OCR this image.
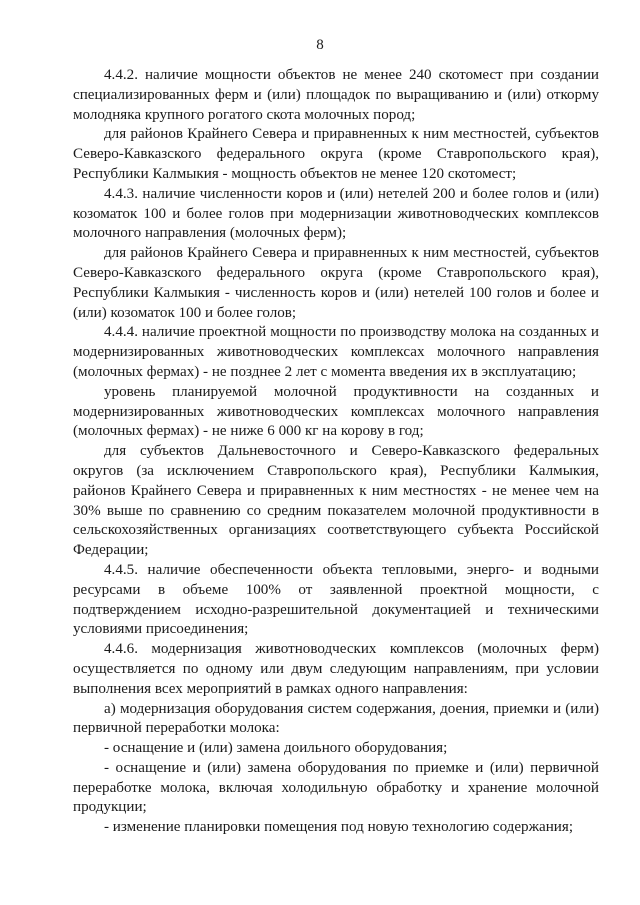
8

4.4.2. наличие мощности объектов не менее 240 скотомест при создании специализированных ферм и (или) площадок по выращиванию и (или) откорму молодняка крупного рогатого скота молочных пород;

для районов Крайнего Севера и приравненных к ним местностей, субъектов Северо-Кавказского федерального округа (кроме Ставропольского края), Республики Калмыкия - мощность объектов не менее 120 скотомест;

4.4.3. наличие численности коров и (или) нетелей 200 и более голов и (или) козоматок 100 и более голов при модернизации животноводческих комплексов молочного направления (молочных ферм);

для районов Крайнего Севера и приравненных к ним местностей, субъектов Северо-Кавказского федерального округа (кроме Ставропольского края), Республики Калмыкия - численность коров и (или) нетелей 100 голов и более и (или) козоматок 100 и более голов;

4.4.4. наличие проектной мощности по производству молока на созданных и модернизированных животноводческих комплексах молочного направления (молочных фермах) - не позднее 2 лет с момента введения их в эксплуатацию;

уровень планируемой молочной продуктивности на созданных и модернизированных животноводческих комплексах молочного направления (молочных фермах) - не ниже 6 000 кг на корову в год;

для субъектов Дальневосточного и Северо-Кавказского федеральных округов (за исключением Ставропольского края), Республики Калмыкия, районов Крайнего Севера и приравненных к ним местностях - не менее чем на 30% выше по сравнению со средним показателем молочной продуктивности в сельскохозяйственных организациях соответствующего субъекта Российской Федерации;

4.4.5. наличие обеспеченности объекта тепловыми, энерго- и водными ресурсами в объеме 100% от заявленной проектной мощности, с подтверждением исходно-разрешительной документацией и техническими условиями присоединения;

4.4.6. модернизация животноводческих комплексов (молочных ферм) осуществляется по одному или двум следующим направлениям, при условии выполнения всех мероприятий в рамках одного направления:

а) модернизация оборудования систем содержания, доения, приемки и (или) первичной переработки молока:

- оснащение и (или) замена доильного оборудования;

- оснащение и (или) замена оборудования по приемке и (или) первичной переработке молока, включая холодильную обработку и хранение молочной продукции;

- изменение планировки помещения под новую технологию содержания;
